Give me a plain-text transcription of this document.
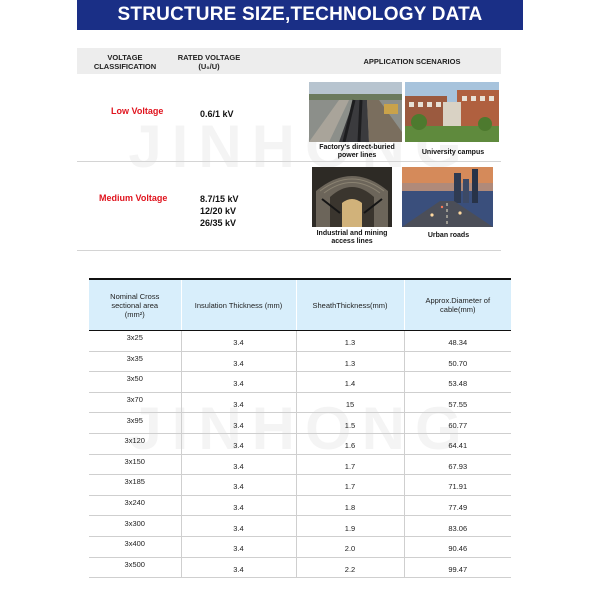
STRUCTURE SIZE,TECHNOLOGY DATA
VOLTAGE CLASSIFICATION
RATED VOLTAGE (U₀/U)
APPLICATION SCENARIOS
Low Voltage	0.6/1 kV
Factory's direct-buried power lines	University campus
Medium Voltage	8.7/15 kV
12/20 kV
26/35 kV
Industrial and mining access lines
Urban roads
Nominal Cross sectional area (mm²)	Insulation Thickness (mm)	SheathThickness(mm)	Approx.Diameter of cable(mm)

3x25	3.4	1.3	48.34
3x35	3.4	1.3	50.70
3x50	3.4	1.4	53.48
3x70	3.4	15	57.55
3x95	3.4	1.5	60.77
3x120	3.4	1.6	64.41
3x150	3.4	1.7	67.93
3x185	3.4	1.7	71.91
3x240	3.4	1.8	77.49
3x300	3.4	1.9	83.06
3x400	3.4	2.0	90.46
3x500	3.4	2.2	99.47
